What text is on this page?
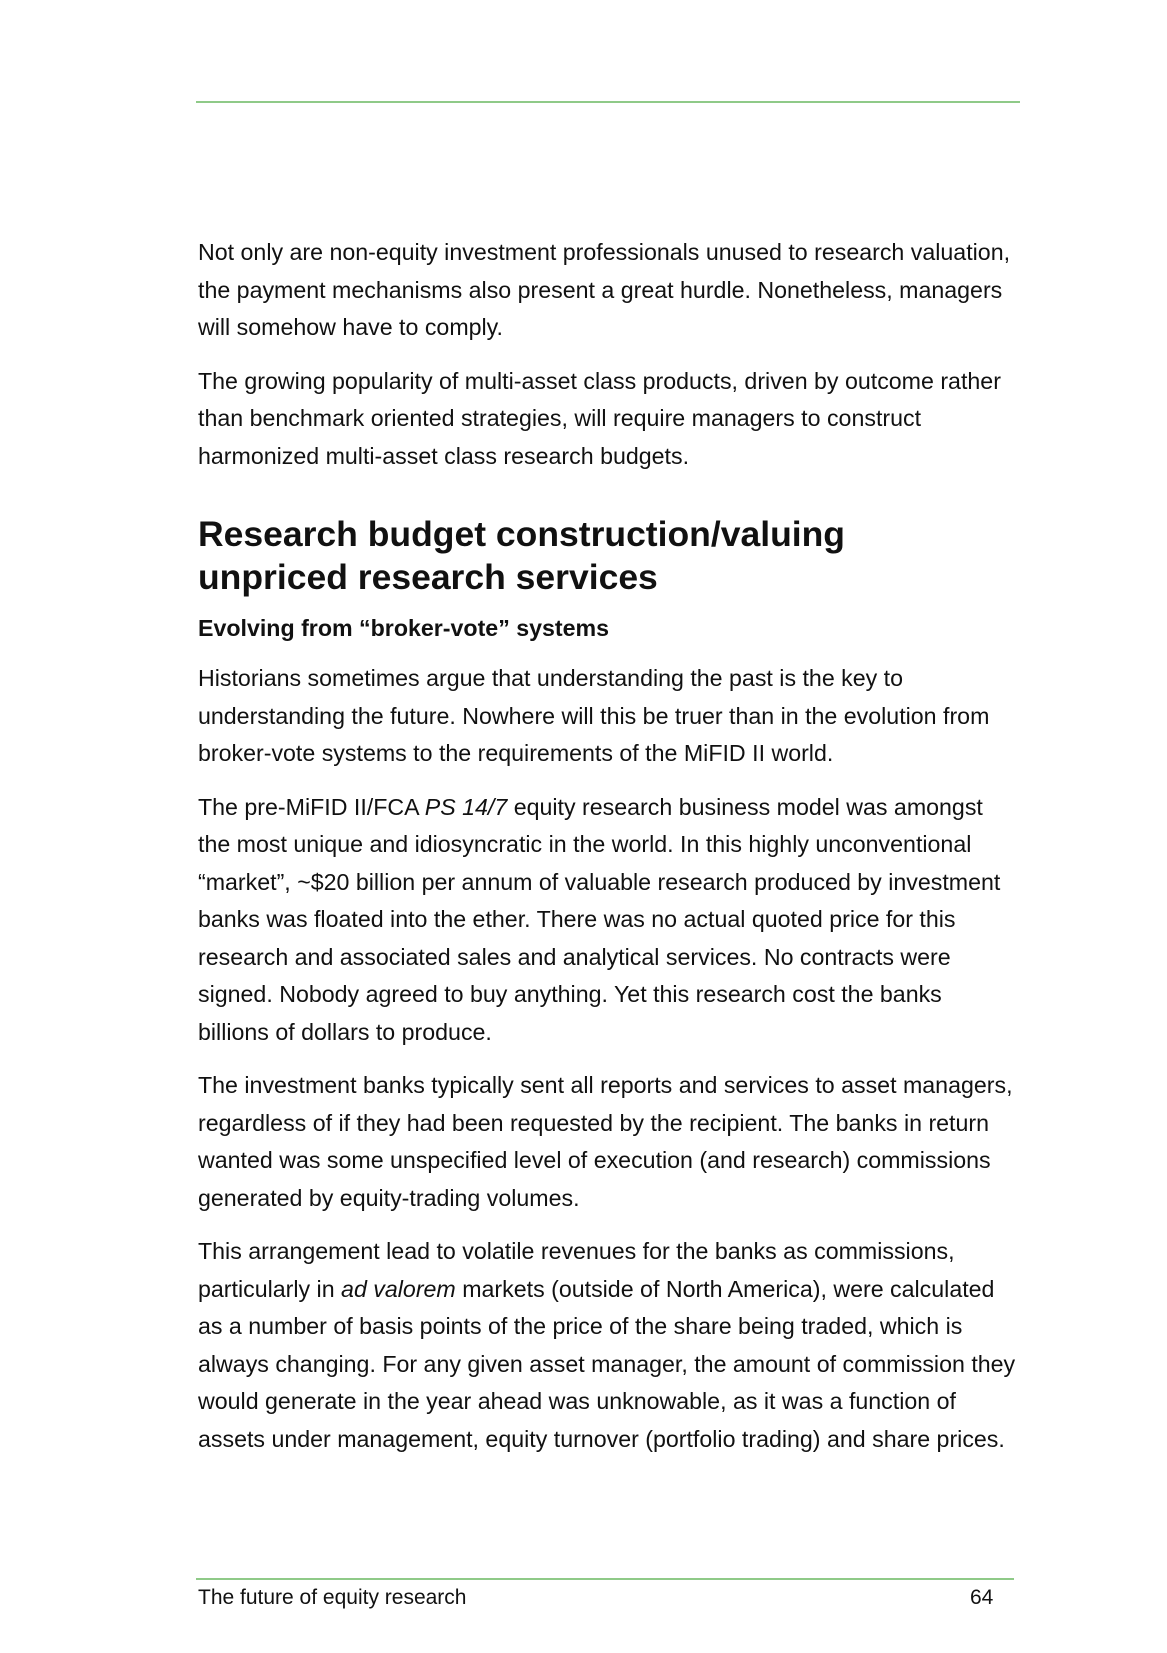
Not only are non-equity investment professionals unused to research valuation, the payment mechanisms also present a great hurdle. Nonetheless, managers will somehow have to comply.

The growing popularity of multi-asset class products, driven by outcome rather than benchmark oriented strategies, will require managers to construct harmonized multi-asset class research budgets.

Research budget construction/valuing
unpriced research services
Evolving from “broker-vote” systems

Historians sometimes argue that understanding the past is the key to understanding the future. Nowhere will this be truer than in the evolution from broker-vote systems to the requirements of the MiFID II world.

The pre-MiFID II/FCA PS 14/7 equity research business model was amongst the most unique and idiosyncratic in the world. In this highly unconventional “market”, ~$20 billion per annum of valuable research produced by investment banks was floated into the ether. There was no actual quoted price for this research and associated sales and analytical services. No contracts were signed. Nobody agreed to buy anything. Yet this research cost the banks billions of dollars to produce.

The investment banks typically sent all reports and services to asset managers, regardless of if they had been requested by the recipient. The banks in return wanted was some unspecified level of execution (and research) commissions generated by equity-trading volumes.

This arrangement lead to volatile revenues for the banks as commissions, particularly in ad valorem markets (outside of North America), were calculated as a number of basis points of the price of the share being traded, which is always changing. For any given asset manager, the amount of commission they would generate in the year ahead was unknowable, as it was a function of assets under management, equity turnover (portfolio trading) and share prices.

The future of equity research	64
